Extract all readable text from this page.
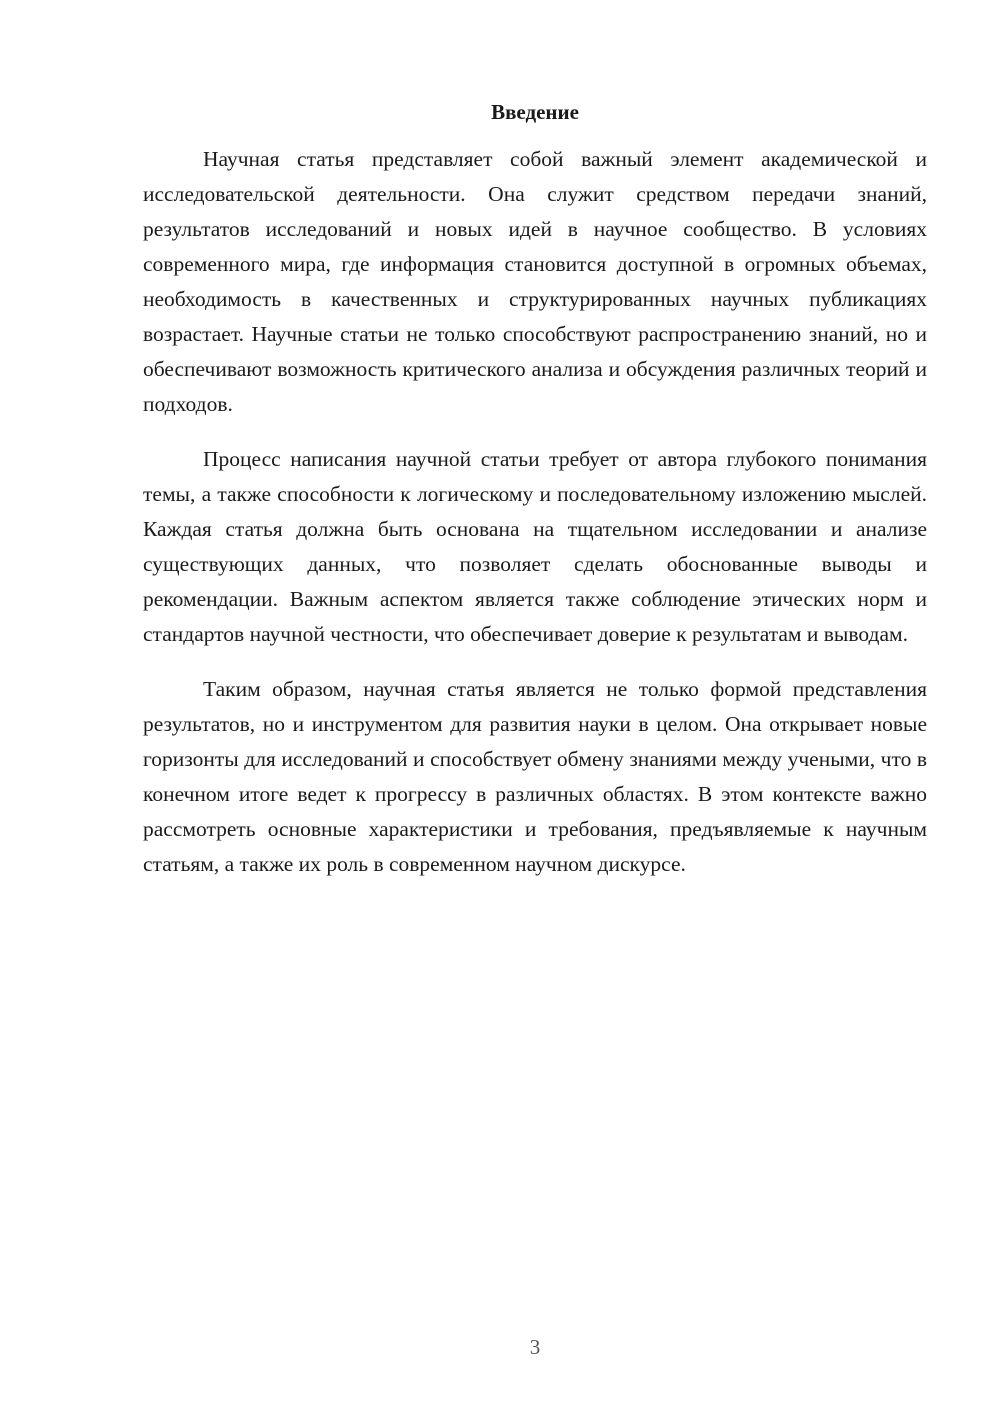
Введение

Научная статья представляет собой важный элемент академической и исследовательской деятельности. Она служит средством передачи знаний, результатов исследований и новых идей в научное сообщество. В условиях современного мира, где информация становится доступной в огромных объемах, необходимость в качественных и структурированных научных публикациях возрастает. Научные статьи не только способствуют распространению знаний, но и обеспечивают возможность критического анализа и обсуждения различных теорий и подходов.

Процесс написания научной статьи требует от автора глубокого понимания темы, а также способности к логическому и последовательному изложению мыслей. Каждая статья должна быть основана на тщательном исследовании и анализе существующих данных, что позволяет сделать обоснованные выводы и рекомендации. Важным аспектом является также соблюдение этических норм и стандартов научной честности, что обеспечивает доверие к результатам и выводам.

Таким образом, научная статья является не только формой представления результатов, но и инструментом для развития науки в целом. Она открывает новые горизонты для исследований и способствует обмену знаниями между учеными, что в конечном итоге ведет к прогрессу в различных областях. В этом контексте важно рассмотреть основные характеристики и требования, предъявляемые к научным статьям, а также их роль в современном научном дискурсе.

3
